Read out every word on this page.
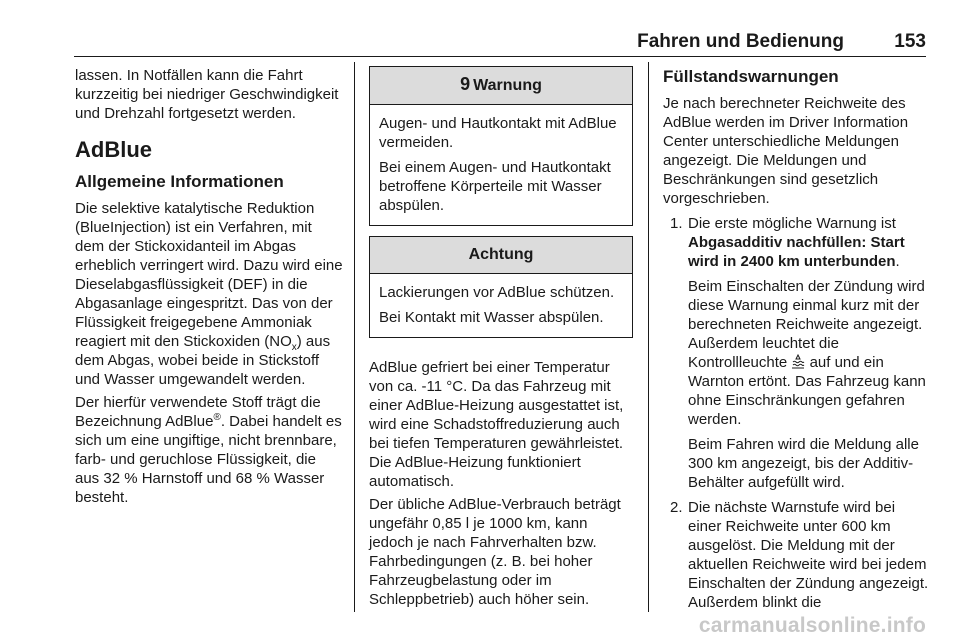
Fahren und Bedienung	153

lassen. In Notfällen kann die Fahrt kurzzeitig bei niedriger Geschwindigkeit und Drehzahl fortgesetzt werden.

AdBlue
Allgemeine Informationen

Die selektive katalytische Reduktion (BlueInjection) ist ein Verfahren, mit dem der Stickoxidanteil im Abgas erheblich verringert wird. Dazu wird eine Dieselabgasflüssigkeit (DEF) in die Abgasanlage eingespritzt. Das von der Flüssigkeit freigegebene Ammoniak reagiert mit den Stickoxiden $(NO_x)$ aus dem Abgas, wobei beide in Stickstoff und Wasser umgewandelt werden.

Der hierfür verwendete Stoff trägt die Bezeichnung AdBlue®. Dabei handelt es sich um eine ungiftige, nicht brennbare, farb- und geruchlose Flüssigkeit, die aus 32 % Harnstoff und 68 % Wasser besteht.

9 Warnung

Augen- und Hautkontakt mit AdBlue vermeiden.

Bei einem Augen- und Hautkontakt betroffene Körperteile mit Wasser abspülen.

Achtung

Lackierungen vor AdBlue schützen.

Bei Kontakt mit Wasser abspülen.

AdBlue gefriert bei einer Temperatur von ca. -11 °C. Da das Fahrzeug mit einer AdBlue-Heizung ausgestattet ist, wird eine Schadstoffreduzierung auch bei tiefen Temperaturen gewährleistet. Die AdBlue-Heizung funktioniert automatisch.

Der übliche AdBlue-Verbrauch beträgt ungefähr 0,85 l je 1000 km, kann jedoch je nach Fahrverhalten bzw. Fahrbedingungen (z. B. bei hoher Fahrzeugbelastung oder im Schleppbetrieb) auch höher sein.

Füllstandswarnungen

Je nach berechneter Reichweite des AdBlue werden im Driver Information Center unterschiedliche Meldungen angezeigt. Die Meldungen und Beschränkungen sind gesetzlich vorgeschrieben.

1. Die erste mögliche Warnung ist Abgasadditiv nachfüllen: Start wird in 2400 km unterbunden.

Beim Einschalten der Zündung wird diese Warnung einmal kurz mit der berechneten Reichweite angezeigt. Außerdem leuchtet die Kontrollleuchte  auf und ein Warnton ertönt. Das Fahrzeug kann ohne Einschränkungen gefahren werden.

Beim Fahren wird die Meldung alle 300 km angezeigt, bis der Additiv-Behälter aufgefüllt wird.

2. Die nächste Warnstufe wird bei einer Reichweite unter 600 km ausgelöst. Die Meldung mit der aktuellen Reichweite wird bei jedem Einschalten der Zündung angezeigt. Außerdem blinkt die

carmanualsonline.info
